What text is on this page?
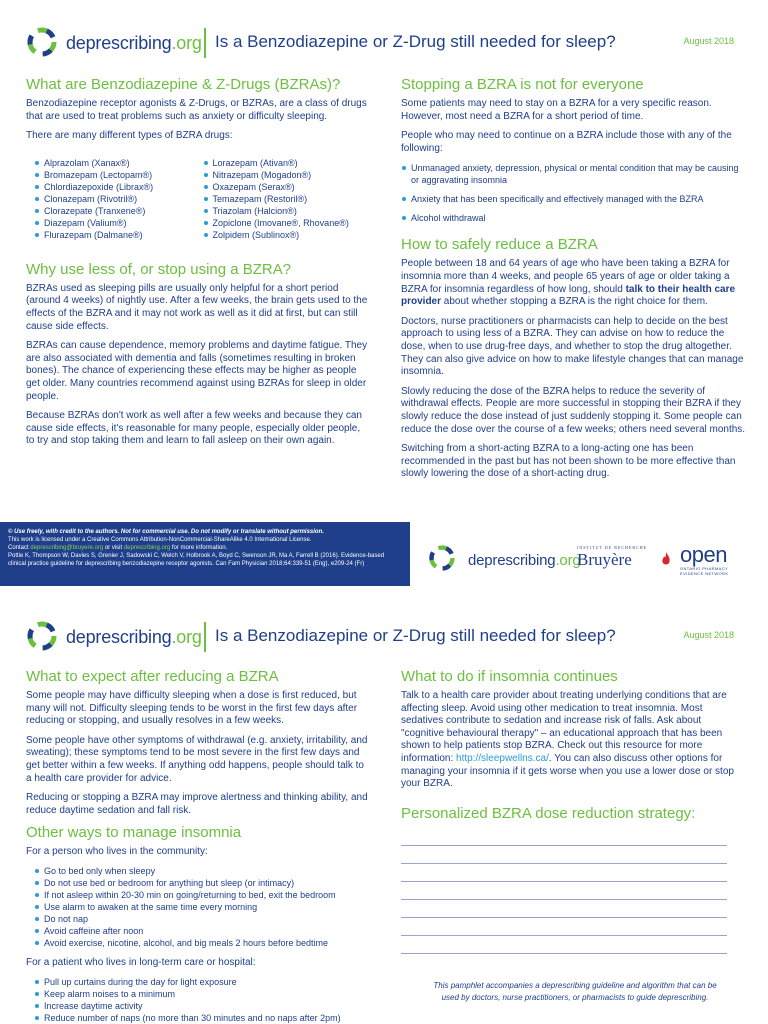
deprescribing.org Is a Benzodiazepine or Z-Drug still needed for sleep?	August 2018
What are Benzodiazepine & Z-Drugs (BZRAs)?

Benzodiazepine receptor agonists & Z-Drugs, or BZRAs, are a class of drugs that are used to treat problems such as anxiety or difficulty sleeping.

There are many different types of BZRA drugs:

Alprazolam (Xanax®)
Bromazepam (Lectopam®)
Chlordiazepoxide (Librax®)
Clonazepam (Rivotril®)
Clorazepate (Tranxene®)
Diazepam (Valium®)
Flurazepam (Dalmane®)
Lorazepam (Ativan®)
Nitrazepam (Mogadon®)
Oxazepam (Serax®)
Temazepam (Restoril®)
Triazolam (Halcion®)
Zopiclone (Imovane®, Rhovane®)
Zolpidem (Sublinox®)
Why use less of, or stop using a BZRA?

BZRAs used as sleeping pills are usually only helpful for a short period (around 4 weeks) of nightly use. After a few weeks, the brain gets used to the effects of the BZRA and it may not work as well as it did at first, but can still cause side effects.

BZRAs can cause dependence, memory problems and daytime fatigue. They are also associated with dementia and falls (sometimes resulting in broken bones). The chance of experiencing these effects may be higher as people get older. Many countries recommend against using BZRAs for sleep in older people.

Because BZRAs don't work as well after a few weeks and because they can cause side effects, it's reasonable for many people, especially older people, to try and stop taking them and learn to fall asleep on their own again.

Stopping a BZRA is not for everyone

Some patients may need to stay on a BZRA for a very specific reason. However, most need a BZRA for a short period of time.

People who may need to continue on a BZRA include those with any of the following:

Unmanaged anxiety, depression, physical or mental condition that may be causing or aggravating insomnia
Anxiety that has been specifically and effectively managed with the BZRA
Alcohol withdrawal
How to safely reduce a BZRA

People between 18 and 64 years of age who have been taking a BZRA for insomnia more than 4 weeks, and people 65 years of age or older taking a BZRA for insomnia regardless of how long, should talk to their health care provider about whether stopping a BZRA is the right choice for them.

Doctors, nurse practitioners or pharmacists can help to decide on the best approach to using less of a BZRA. They can advise on how to reduce the dose, when to use drug-free days, and whether to stop the drug altogether. They can also give advice on how to make lifestyle changes that can manage insomnia.

Slowly reducing the dose of the BZRA helps to reduce the severity of withdrawal effects. People are more successful in stopping their BZRA if they slowly reduce the dose instead of just suddenly stopping it. Some people can reduce the dose over the course of a few weeks; others need several months.

Switching from a short-acting BZRA to a long-acting one has been recommended in the past but has not been shown to be more effective than slowly lowering the dose of a short-acting drug.

© Use freely, with credit to the authors. Not for commercial use. Do not modify or translate without permission.
This work is licensed under a Creative Commons Attribution-NonCommercial-ShareAlike 4.0 International License.
Contact deprescribing@bruyere.org or visit deprescribing.org for more information.
Pottie K, Thompson W, Davies S, Grenier J, Sadowski C, Welch V, Holbrook A, Boyd C, Swenson JR, Ma A, Farrell B (2016). Evidence-based clinical practice guideline for deprescribing benzodiazepine receptor agonists. Can Fam Physician 2018;64:339-51 (Eng), e209-24 (Fr)	deprescribing.org
INSTITUT DE RECHERCHE
Bruyère	open
ONTARIO PHARMACY EVIDENCE NETWORK
deprescribing.org Is a Benzodiazepine or Z-Drug still needed for sleep?	August 2018
What to expect after reducing a BZRA

Some people may have difficulty sleeping when a dose is first reduced, but many will not. Difficulty sleeping tends to be worst in the first few days after reducing or stopping, and usually resolves in a few weeks.

Some people have other symptoms of withdrawal (e.g. anxiety, irritability, and sweating); these symptoms tend to be most severe in the first few days and get better within a few weeks. If anything odd happens, people should talk to a health care provider for advice.

Reducing or stopping a BZRA may improve alertness and thinking ability, and reduce daytime sedation and fall risk.

Other ways to manage insomnia

For a person who lives in the community:

Go to bed only when sleepy
Do not use bed or bedroom for anything but sleep (or intimacy)
If not asleep within 20-30 min on going/returning to bed, exit the bedroom
Use alarm to awaken at the same time every morning
Do not nap
Avoid caffeine after noon
Avoid exercise, nicotine, alcohol, and big meals 2 hours before bedtime

For a patient who lives in long-term care or hospital:

Pull up curtains during the day for light exposure
Keep alarm noises to a minimum
Increase daytime activity
Reduce number of naps (no more than 30 minutes and no naps after 2pm)
What to do if insomnia continues

Talk to a health care provider about treating underlying conditions that are affecting sleep. Avoid using other medication to treat insomnia. Most sedatives contribute to sedation and increase risk of falls. Ask about "cognitive behavioural therapy" – an educational approach that has been shown to help patients stop BZRA. Check out this resource for more information: http://sleepwellns.ca/. You can also discuss other options for managing your insomnia if it gets worse when you use a lower dose or stop your BZRA.

Personalized BZRA dose reduction strategy:
This pamphlet accompanies a deprescribing guideline and algorithm that can be used by doctors, nurse practitioners, or pharmacists to guide deprescribing.
